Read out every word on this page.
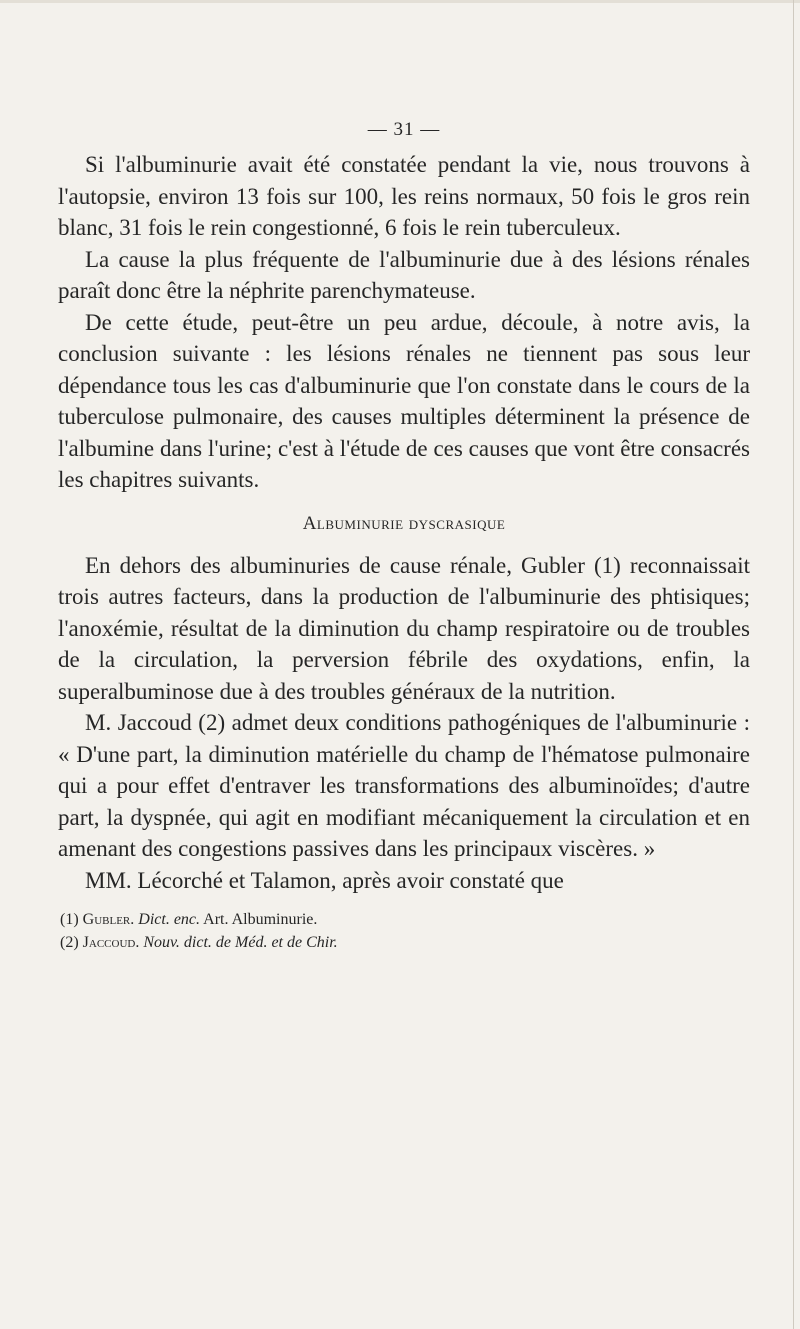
— 31 —

Si l'albuminurie avait été constatée pendant la vie, nous trouvons à l'autopsie, environ 13 fois sur 100, les reins normaux, 50 fois le gros rein blanc, 31 fois le rein congestionné, 6 fois le rein tuberculeux.

La cause la plus fréquente de l'albuminurie due à des lésions rénales paraît donc être la néphrite parenchymateuse.

De cette étude, peut-être un peu ardue, découle, à notre avis, la conclusion suivante : les lésions rénales ne tiennent pas sous leur dépendance tous les cas d'albuminurie que l'on constate dans le cours de la tuberculose pulmonaire, des causes multiples déterminent la présence de l'albumine dans l'urine; c'est à l'étude de ces causes que vont être consacrés les chapitres suivants.

Albuminurie dyscrasique

En dehors des albuminuries de cause rénale, Gubler (1) reconnaissait trois autres facteurs, dans la production de l'albuminurie des phtisiques; l'anoxémie, résultat de la diminution du champ respiratoire ou de troubles de la circulation, la perversion fébrile des oxydations, enfin, la superalbuminose due à des troubles généraux de la nutrition.

M. Jaccoud (2) admet deux conditions pathogéniques de l'albuminurie : « D'une part, la diminution matérielle du champ de l'hématose pulmonaire qui a pour effet d'entraver les transformations des albuminoïdes; d'autre part, la dyspnée, qui agit en modifiant mécaniquement la circulation et en amenant des congestions passives dans les principaux viscères. »

MM. Lécorché et Talamon, après avoir constaté que

(1) Gubler. Dict. enc. Art. Albuminurie.

(2) Jaccoud. Nouv. dict. de Méd. et de Chir.
